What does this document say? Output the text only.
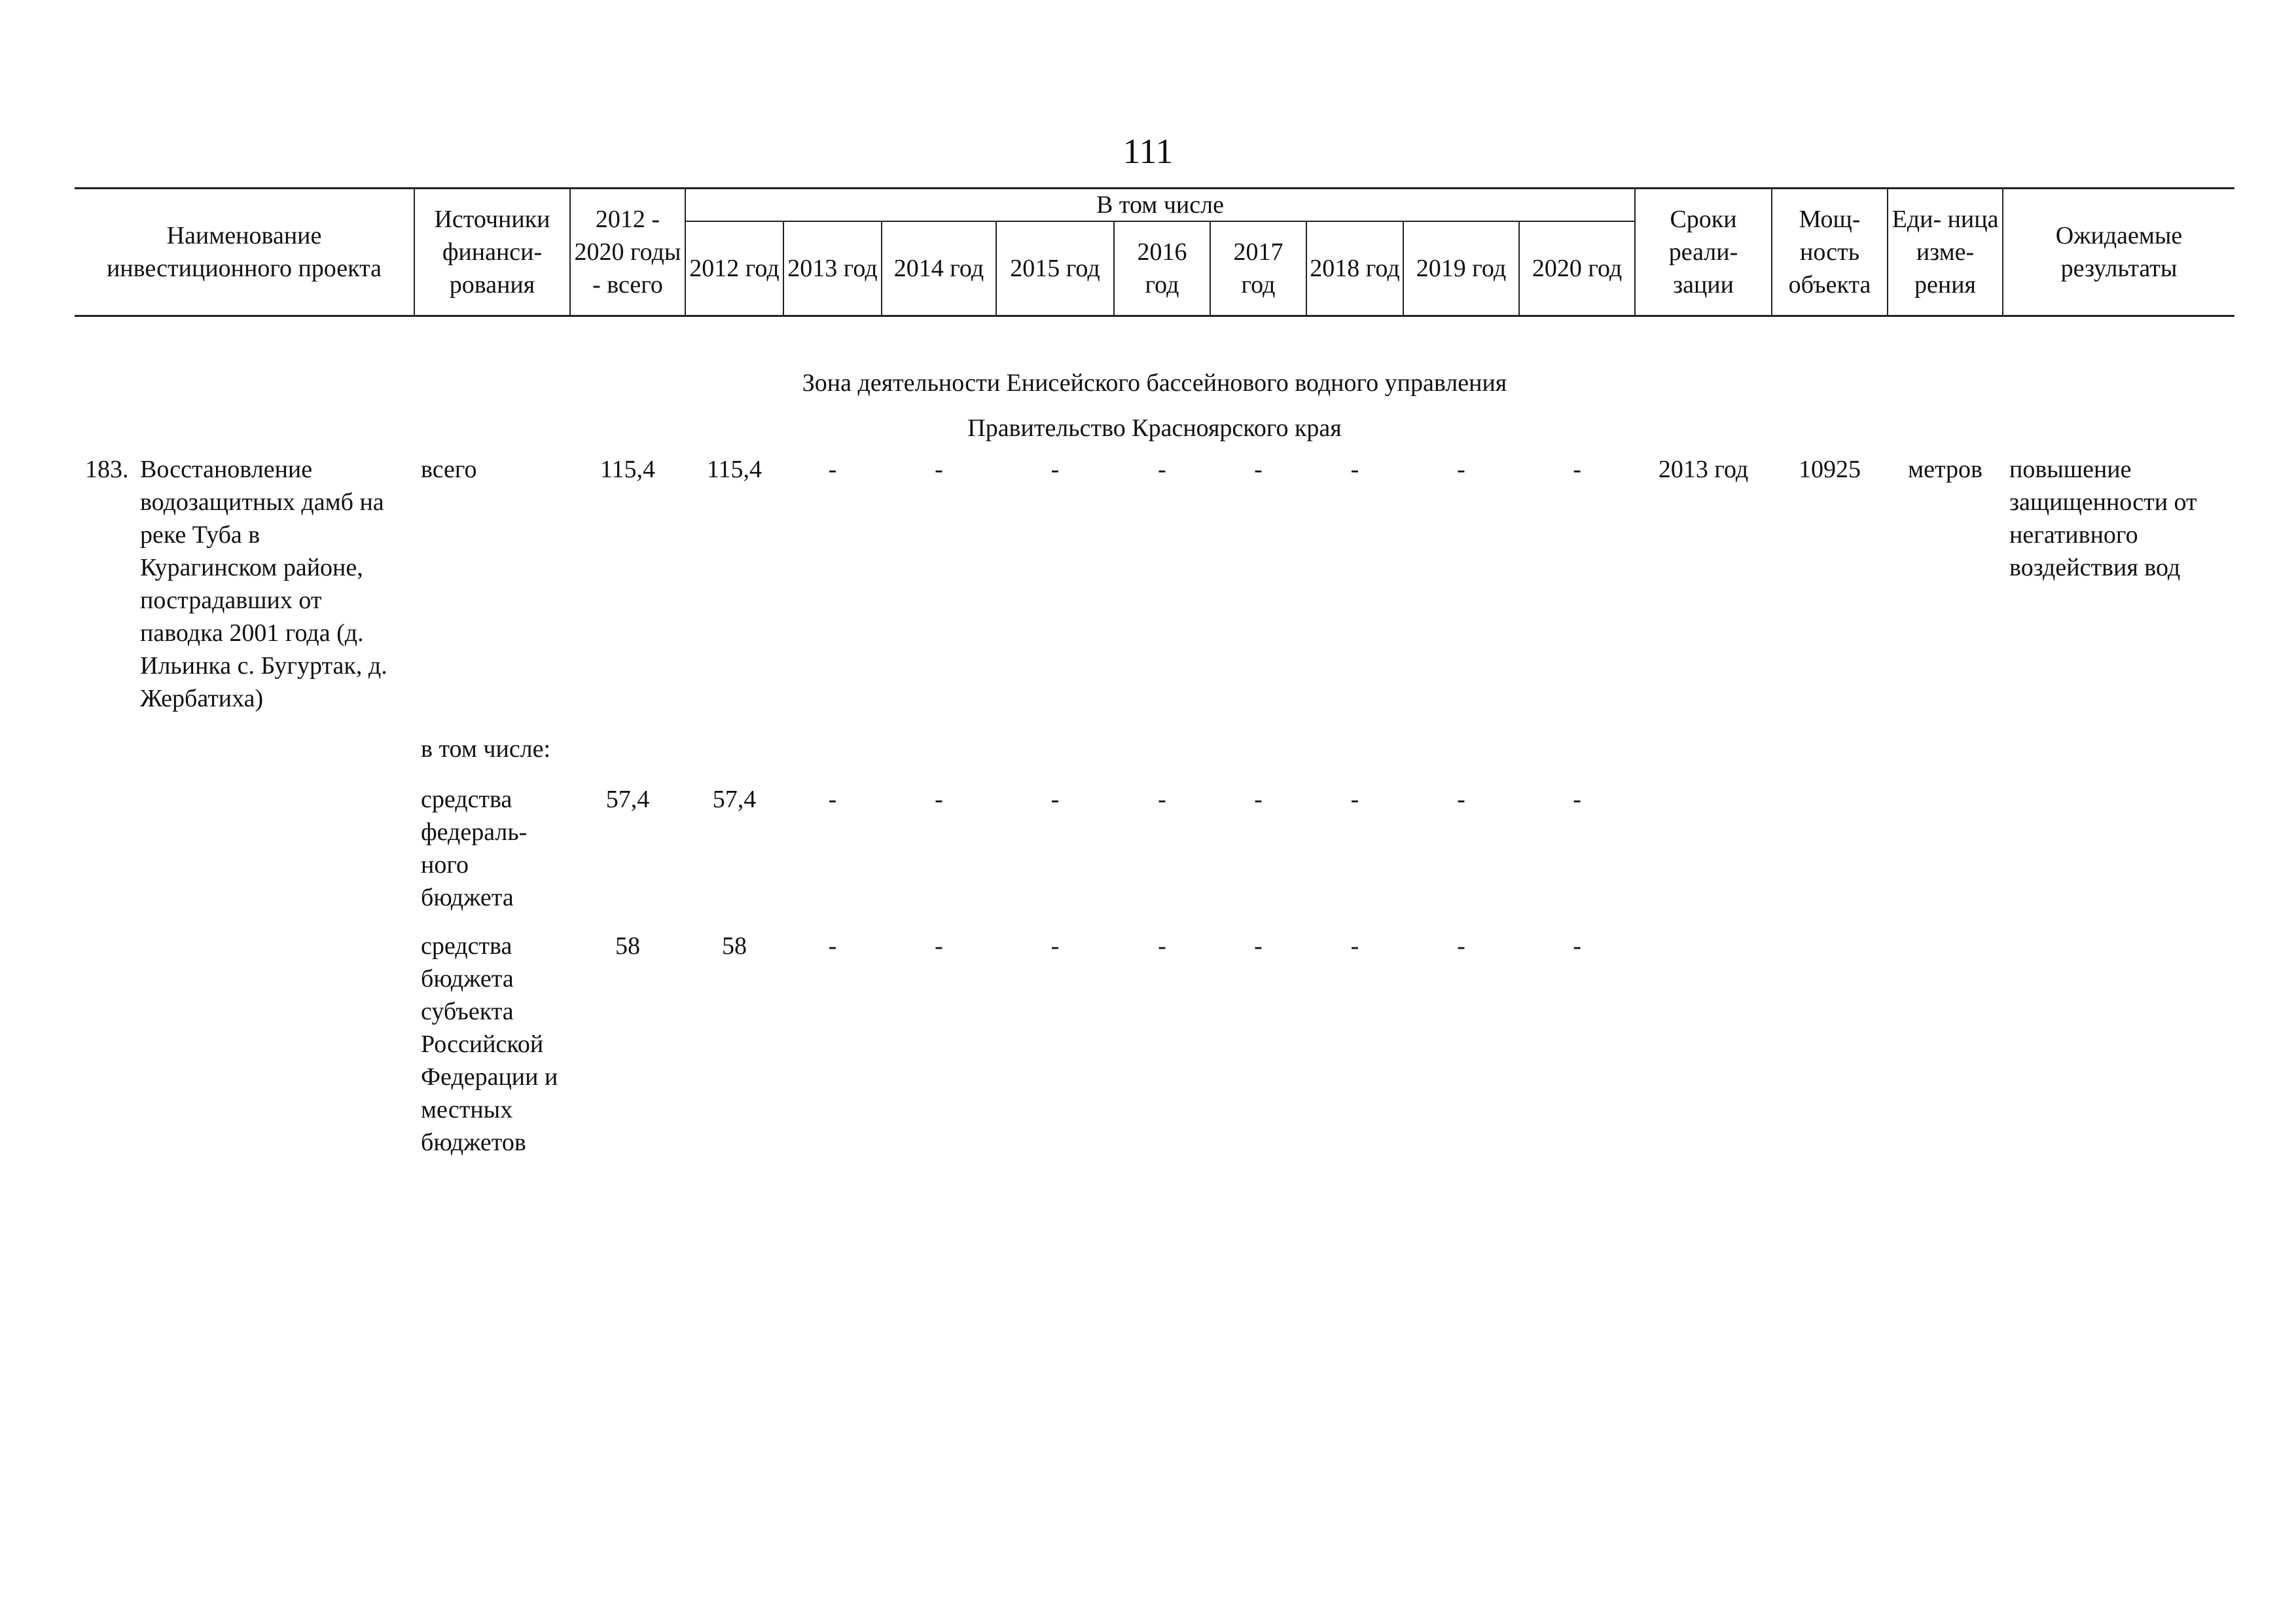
111
Наименование инвестиционного проекта	Источники финанси- рования	2012 - 2020 годы - всего	В том числе									Сроки реали- зации	Мощ- ность объекта	Еди- ница изме- рения	Ожидаемые результаты
			2012 год	2013 год	2014 год	2015 год	2016 год	2017 год	2018 год	2019 год	2020 год				

Зона деятельности Енисейского бассейнового водного управления															
Правительство Красноярского края															
183. Восстановление водозащитных дамб на реке Туба в Курагинском районе, пострадавших от паводка 2001 года (д. Ильинка с. Бугуртак, д. Жербатиха)	всего	115,4	115,4	-	-	-	-	-	-	-	-	2013 год	10925	метров	повышение защищенности от негативного воздействия вод

	в том числе:														

	средства федераль- ного бюджета	57,4	57,4	-	-	-	-	-	-	-	-				

	средства бюджета субъекта Российской Федерации и местных бюджетов	58	58	-	-	-	-	-	-	-	-				
